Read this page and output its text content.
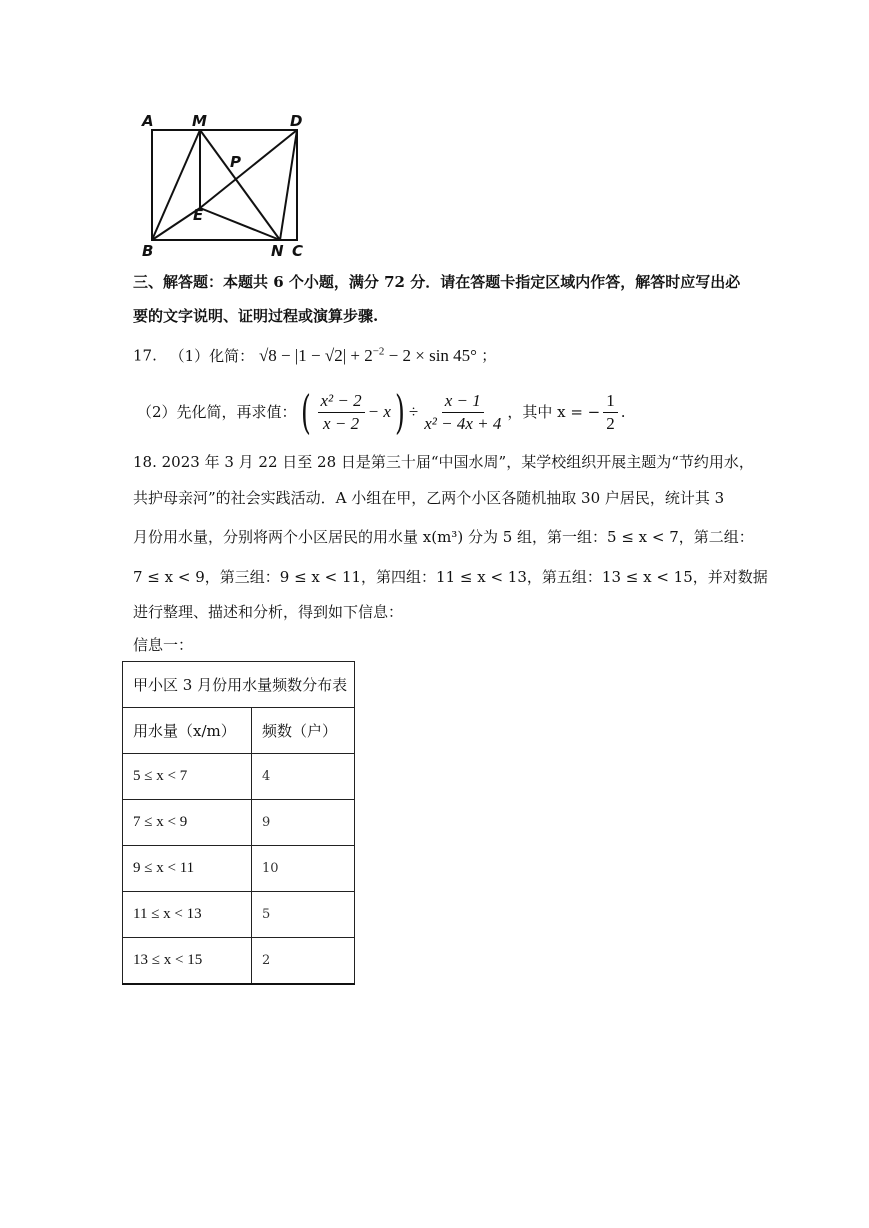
A	M	D
P
E
B	N C
三、解答题：本题共 6 个小题，满分 72 分．请在答题卡指定区域内作答，解答时应写出必
要的文字说明、证明过程或演算步骤.
17. （1）化简： $√8 - |1 - √2| + 2^{-2} - 2 \times \sin 45^\circ$ ；
（2）先化简，再求值： ( $\frac{\text{x² − 2}}{x - 2} - x$ ) ÷ $\frac{x - 1}{\text{x² − 4x + 4}}$ ，其中 x = − $\frac{1}{2}$ .
18. 2023 年 3 月 22 日至 28 日是第三十届“中国水周”，某学校组织开展主题为“节约用水，
共护母亲河”的社会实践活动．A 小组在甲，乙两个小区各随机抽取 30 户居民，统计其 3
月份用水量，分别将两个小区居民的用水量 x(m³) 分为 5 组，第一组：5 ≤ x < 7，第二组：
7 ≤ x < 9，第三组：9 ≤ x < 11，第四组：11 ≤ x < 13，第五组：13 ≤ x < 15，并对数据
进行整理、描述和分析，得到如下信息：
信息一：
甲小区 3 月份用水量频数分布表	
用水量（x/m）	频数（户）
5 ≤ x < 7	4
7 ≤ x < 9	9
9 ≤ x < 11	10
11 ≤ x < 13	5
13 ≤ x < 15	2
